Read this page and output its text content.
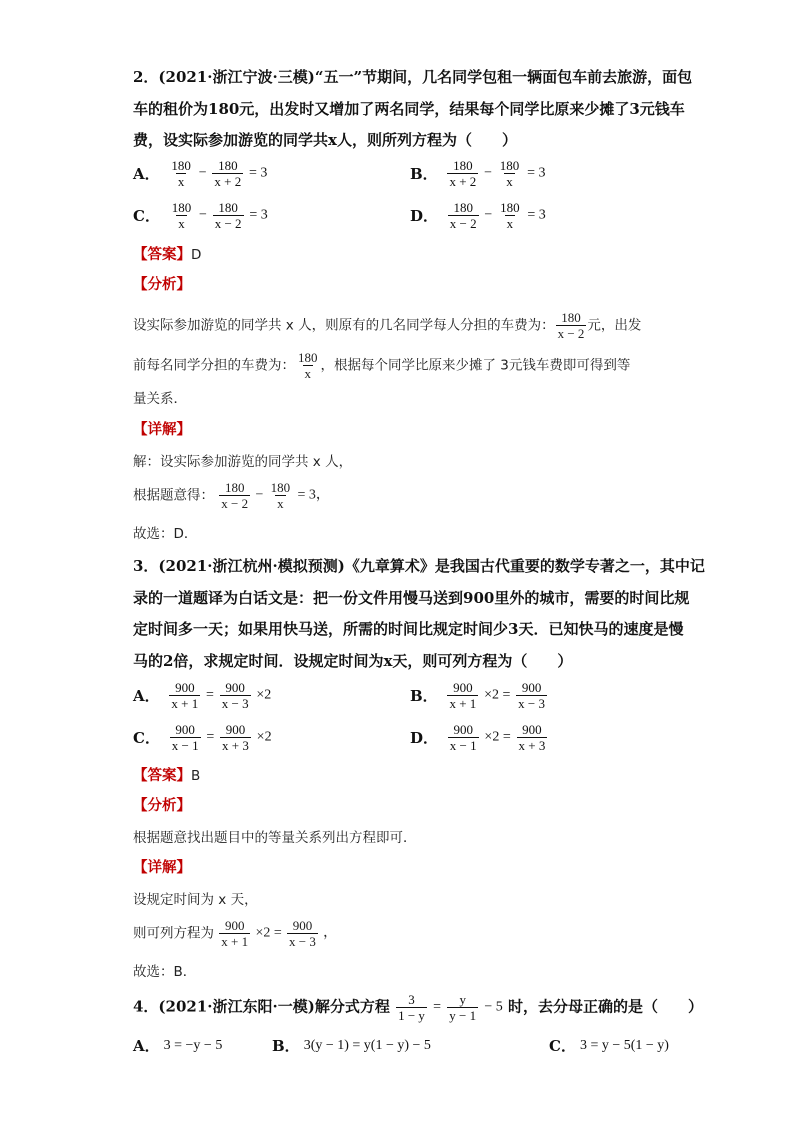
2．(2021·浙江宁波·三模)“五一”节期间，几名同学包租一辆面包车前去旅游，面包
车的租价为180元，出发时又增加了两名同学，结果每个同学比原来少摊了3元钱车
费，设实际参加游览的同学共x人，则所列方程为（　　）
A． $\frac{180}{x} - \frac{180}{x + 2} = 3$	B． $\frac{180}{x + 2} - \frac{180}{x} = 3$
C． $\frac{180}{x} - \frac{180}{x - 2} = 3$	D． $\frac{180}{x - 2} - \frac{180}{x} = 3$
【答案】D
【分析】
设实际参加游览的同学共 x 人，则原有的几名同学每人分担的车费为： $\frac{180}{x - 2}$ 元，出发
前每名同学分担的车费为： $\frac{180}{x}$ ，根据每个同学比原来少摊了 3元钱车费即可得到等
量关系．
【详解】
解：设实际参加游览的同学共 x 人，
根据题意得： $\frac{180}{x - 2} - \frac{180}{x} = 3$，
故选：D．
3．(2021·浙江杭州·模拟预测)《九章算术》是我国古代重要的数学专著之一，其中记
录的一道题译为白话文是：把一份文件用慢马送到900里外的城市，需要的时间比规
定时间多一天；如果用快马送，所需的时间比规定时间少3天．已知快马的速度是慢
马的2倍，求规定时间．设规定时间为x天，则可列方程为（　　）
A． $\frac{900}{x + 1} = \frac{900}{x - 3} \times 2$	B． $\frac{900}{x + 1} \times 2 = \frac{900}{x - 3}$
C． $\frac{900}{x - 1} = \frac{900}{x + 3} \times 2$	D． $\frac{900}{x - 1} \times 2 = \frac{900}{x + 3}$
【答案】B
【分析】
根据题意找出题目中的等量关系列出方程即可．
【详解】
设规定时间为 x 天，
则可列方程为 $\frac{900}{x + 1} \times 2 = \frac{900}{x - 3}$ ，
故选：B．
4．(2021·浙江东阳·一模)解分式方程 $\frac{3}{1 - y} = \frac{y}{y - 1} - 5$ 时，去分母正确的是（　　）
A． 3 = −y − 5	B． 3(y − 1) = y(1 − y) − 5	C． 3 = y − 5(1 − y)
